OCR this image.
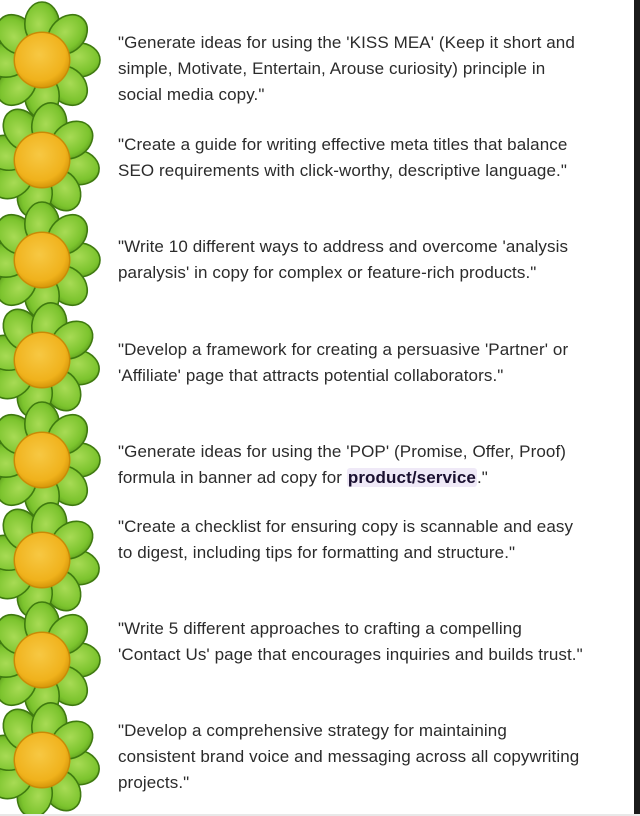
"Generate ideas for using the 'KISS MEA' (Keep it short and simple, Motivate, Entertain, Arouse curiosity) principle in social media copy."
"Create a guide for writing effective meta titles that balance SEO requirements with click-worthy, descriptive language."
"Write 10 different ways to address and overcome 'analysis paralysis' in copy for complex or feature-rich products."
"Develop a framework for creating a persuasive 'Partner' or 'Affiliate' page that attracts potential collaborators."
"Generate ideas for using the 'POP' (Promise, Offer, Proof) formula in banner ad copy for product/service."
"Create a checklist for ensuring copy is scannable and easy to digest, including tips for formatting and structure."
"Write 5 different approaches to crafting a compelling 'Contact Us' page that encourages inquiries and builds trust."
"Develop a comprehensive strategy for maintaining consistent brand voice and messaging across all copywriting projects."
